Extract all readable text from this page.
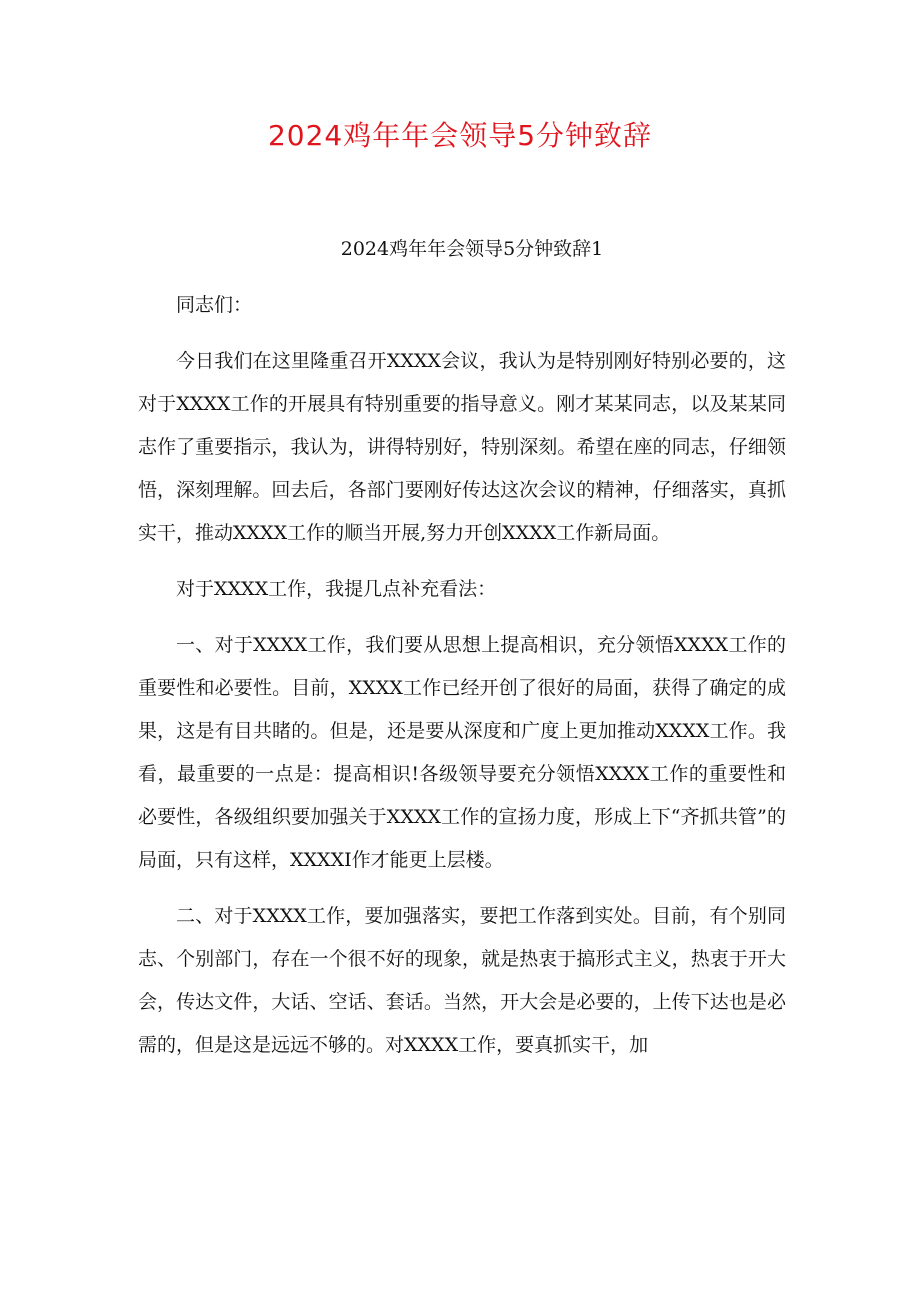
2024鸡年年会领导5分钟致辞

2024鸡年年会领导5分钟致辞1

同志们：

今日我们在这里隆重召开XXXX会议，我认为是特别刚好特别必要的，这对于XXXX工作的开展具有特别重要的指导意义。刚才某某同志，以及某某同志作了重要指示，我认为，讲得特别好，特别深刻。希望在座的同志，仔细领悟，深刻理解。回去后，各部门要刚好传达这次会议的精神，仔细落实，真抓实干，推动XXXX工作的顺当开展,努力开创XXXX工作新局面。

对于XXXX工作，我提几点补充看法：

一、对于XXXX工作，我们要从思想上提高相识，充分领悟XXXX工作的重要性和必要性。目前，XXXX工作已经开创了很好的局面，获得了确定的成果，这是有目共睹的。但是，还是要从深度和广度上更加推动XXXX工作。我看，最重要的一点是：提高相识!各级领导要充分领悟XXXX工作的重要性和必要性，各级组织要加强关于XXXX工作的宣扬力度，形成上下“齐抓共管”的局面，只有这样，XXXXI作才能更上层楼。

二、对于XXXX工作，要加强落实，要把工作落到实处。目前，有个别同志、个别部门，存在一个很不好的现象，就是热衷于搞形式主义，热衷于开大会，传达文件，大话、空话、套话。当然，开大会是必要的，上传下达也是必需的，但是这是远远不够的。对XXXX工作，要真抓实干，加
